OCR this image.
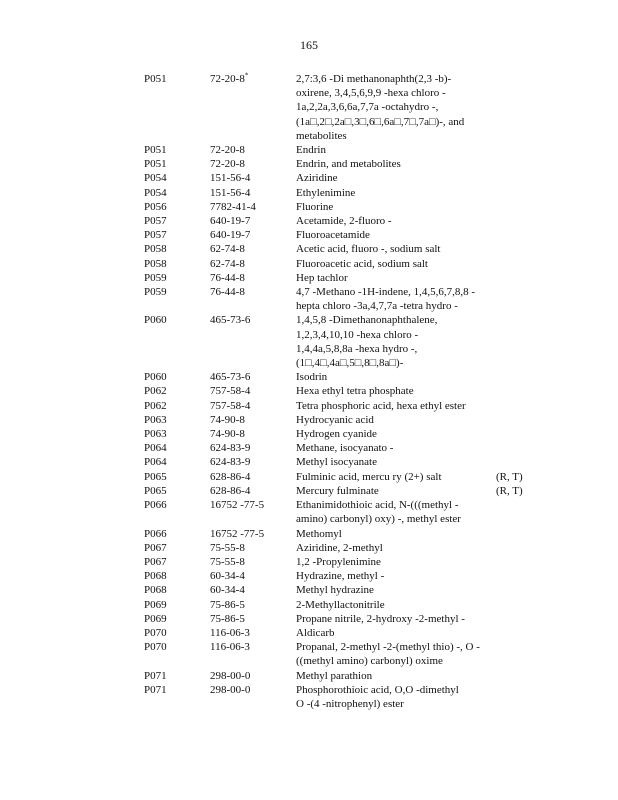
165
P051	72-20-8*	2,7:3,6 -Di methanonaphth(2,3 -b)-
oxirene, 3,4,5,6,9,9 -hexa chloro -
1a,2,2a,3,6,6a,7,7a -octahydro -,
(1a□,2□,2a□,3□,6□,6a□,7□,7a□)-, and
metabolites
P051	72-20-8	Endrin
P051	72-20-8	Endrin, and metabolites
P054	151-56-4	Aziridine
P054	151-56-4	Ethylenimine
P056	7782-41-4	Fluorine
P057	640-19-7	Acetamide, 2-fluoro -
P057	640-19-7	Fluoroacetamide
P058	62-74-8	Acetic acid, fluoro -, sodium salt
P058	62-74-8	Fluoroacetic acid, sodium salt
P059	76-44-8	Hep tachlor
P059	76-44-8	4,7 -Methano -1H-indene, 1,4,5,6,7,8,8 -
hepta chloro -3a,4,7,7a -tetra hydro -
P060	465-73-6	1,4,5,8 -Dimethanonaphthalene,
1,2,3,4,10,10 -hexa chloro -
1,4,4a,5,8,8a -hexa hydro -,
(1□,4□,4a□,5□,8□,8a□)-
P060	465-73-6	Isodrin
P062	757-58-4	Hexa ethyl tetra phosphate
P062	757-58-4	Tetra phosphoric acid, hexa ethyl ester
P063	74-90-8	Hydrocyanic acid
P063	74-90-8	Hydrogen cyanide
P064	624-83-9	Methane, isocyanato -
P064	624-83-9	Methyl isocyanate
P065	628-86-4	Fulminic acid, mercu ry (2+) salt	(R, T)
P065	628-86-4	Mercury fulminate	(R, T)
P066	16752 -77-5	Ethanimidothioic acid, N-(((methyl -
amino) carbonyl) oxy) -, methyl ester
P066	16752 -77-5	Methomyl
P067	75-55-8	Aziridine, 2-methyl
P067	75-55-8	1,2 -Propylenimine
P068	60-34-4	Hydrazine, methyl -
P068	60-34-4	Methyl hydrazine
P069	75-86-5	2-Methyllactonitrile
P069	75-86-5	Propane nitrile, 2-hydroxy -2-methyl -
P070	116-06-3	Aldicarb
P070	116-06-3	Propanal, 2-methyl -2-(methyl thio) -, O -
((methyl amino) carbonyl) oxime
P071	298-00-0	Methyl parathion
P071	298-00-0	Phosphorothioic acid, O,O -dimethyl
O -(4 -nitrophenyl) ester
